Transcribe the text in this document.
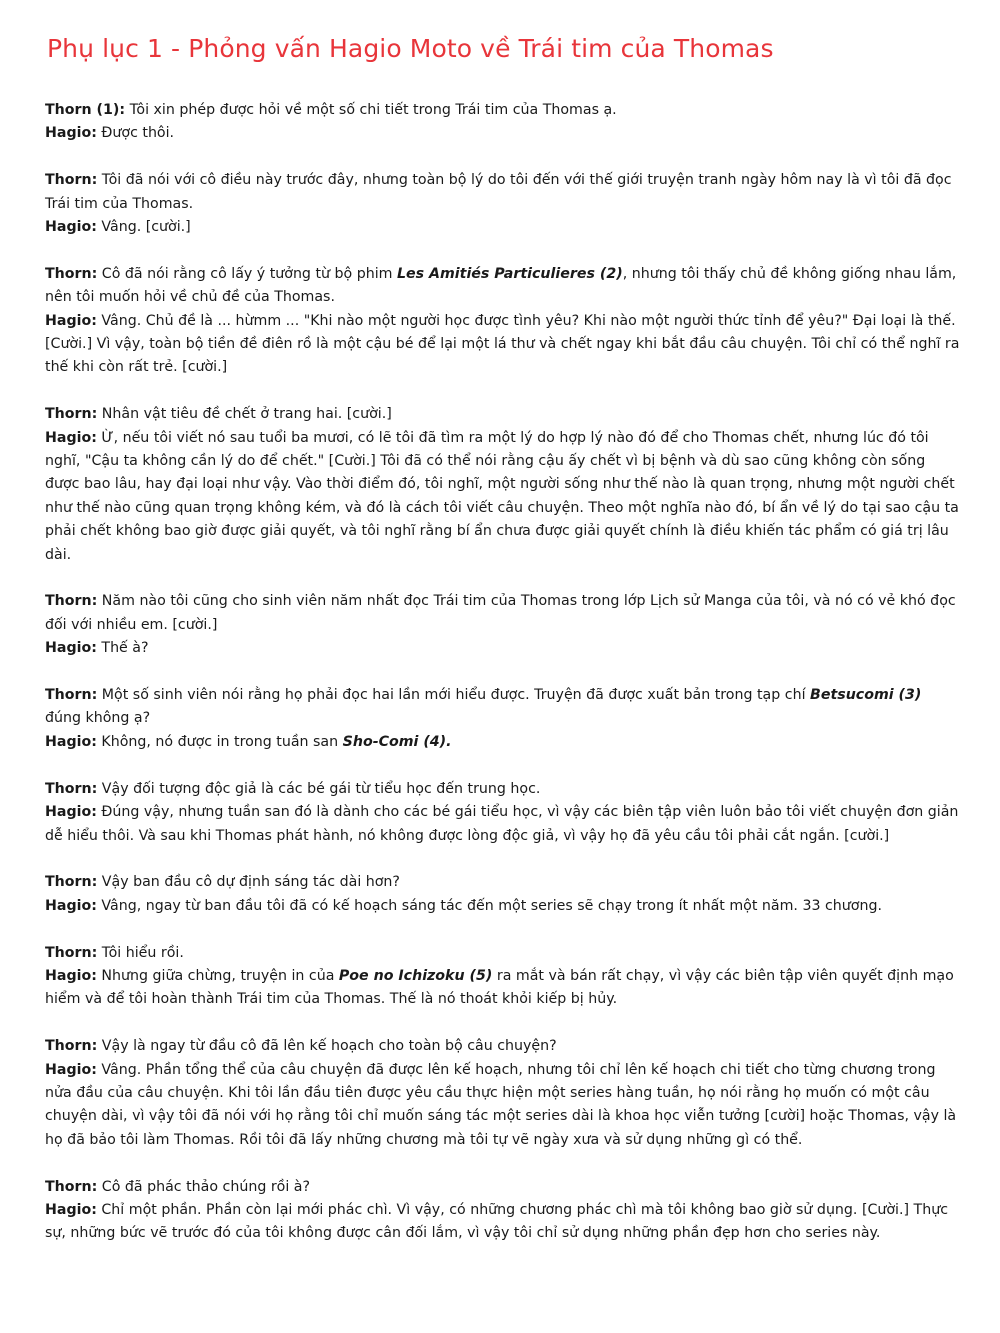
Phụ lục 1 - Phỏng vấn Hagio Moto về Trái tim của Thomas

Thorn (1): Tôi xin phép được hỏi về một số chi tiết trong Trái tim của Thomas ạ.

Hagio: Được thôi.

Thorn: Tôi đã nói với cô điều này trước đây, nhưng toàn bộ lý do tôi đến với thế giới truyện tranh ngày hôm nay là vì tôi đã đọc Trái tim của Thomas.

Hagio: Vâng. [cười.]

Thorn: Cô đã nói rằng cô lấy ý tưởng từ bộ phim Les Amitiés Particulieres (2), nhưng tôi thấy chủ đề không giống nhau lắm, nên tôi muốn hỏi về chủ đề của Thomas.

Hagio: Vâng. Chủ đề là ... hừmm ... "Khi nào một người học được tình yêu? Khi nào một người thức tỉnh để yêu?" Đại loại là thế. [Cười.] Vì vậy, toàn bộ tiền đề điên rồ là một cậu bé để lại một lá thư và chết ngay khi bắt đầu câu chuyện. Tôi chỉ có thể nghĩ ra thế khi còn rất trẻ. [cười.]

Thorn: Nhân vật tiêu đề chết ở trang hai. [cười.]

Hagio: Ừ, nếu tôi viết nó sau tuổi ba mươi, có lẽ tôi đã tìm ra một lý do hợp lý nào đó để cho Thomas chết, nhưng lúc đó tôi nghĩ, "Cậu ta không cần lý do để chết." [Cười.] Tôi đã có thể nói rằng cậu ấy chết vì bị bệnh và dù sao cũng không còn sống được bao lâu, hay đại loại như vậy. Vào thời điểm đó, tôi nghĩ, một người sống như thế nào là quan trọng, nhưng một người chết như thế nào cũng quan trọng không kém, và đó là cách tôi viết câu chuyện. Theo một nghĩa nào đó, bí ẩn về lý do tại sao cậu ta phải chết không bao giờ được giải quyết, và tôi nghĩ rằng bí ẩn chưa được giải quyết chính là điều khiến tác phẩm có giá trị lâu dài.

Thorn: Năm nào tôi cũng cho sinh viên năm nhất đọc Trái tim của Thomas trong lớp Lịch sử Manga của tôi, và nó có vẻ khó đọc đối với nhiều em. [cười.]

Hagio: Thế à?

Thorn: Một số sinh viên nói rằng họ phải đọc hai lần mới hiểu được. Truyện đã được xuất bản trong tạp chí Betsucomi (3) đúng không ạ?

Hagio: Không, nó được in trong tuần san Sho-Comi (4).

Thorn: Vậy đối tượng độc giả là các bé gái từ tiểu học đến trung học.

Hagio: Đúng vậy, nhưng tuần san đó là dành cho các bé gái tiểu học, vì vậy các biên tập viên luôn bảo tôi viết chuyện đơn giản dễ hiểu thôi. Và sau khi Thomas phát hành, nó không được lòng độc giả, vì vậy họ đã yêu cầu tôi phải cắt ngắn. [cười.]

Thorn: Vậy ban đầu cô dự định sáng tác dài hơn?

Hagio: Vâng, ngay từ ban đầu tôi đã có kế hoạch sáng tác đến một series sẽ chạy trong ít nhất một năm. 33 chương.

Thorn: Tôi hiểu rồi.

Hagio: Nhưng giữa chừng, truyện in của Poe no Ichizoku (5) ra mắt và bán rất chạy, vì vậy các biên tập viên quyết định mạo hiểm và để tôi hoàn thành Trái tim của Thomas. Thế là nó thoát khỏi kiếp bị hủy.

Thorn: Vậy là ngay từ đầu cô đã lên kế hoạch cho toàn bộ câu chuyện?

Hagio: Vâng. Phần tổng thể của câu chuyện đã được lên kế hoạch, nhưng tôi chỉ lên kế hoạch chi tiết cho từng chương trong nửa đầu của câu chuyện. Khi tôi lần đầu tiên được yêu cầu thực hiện một series hàng tuần, họ nói rằng họ muốn có một câu chuyện dài, vì vậy tôi đã nói với họ rằng tôi chỉ muốn sáng tác một series dài là khoa học viễn tưởng [cười] hoặc Thomas, vậy là họ đã bảo tôi làm Thomas. Rồi tôi đã lấy những chương mà tôi tự vẽ ngày xưa và sử dụng những gì có thể.

Thorn: Cô đã phác thảo chúng rồi à?

Hagio: Chỉ một phần. Phần còn lại mới phác chì. Vì vậy, có những chương phác chì mà tôi không bao giờ sử dụng. [Cười.] Thực sự, những bức vẽ trước đó của tôi không được cân đối lắm, vì vậy tôi chỉ sử dụng những phần đẹp hơn cho series này.
